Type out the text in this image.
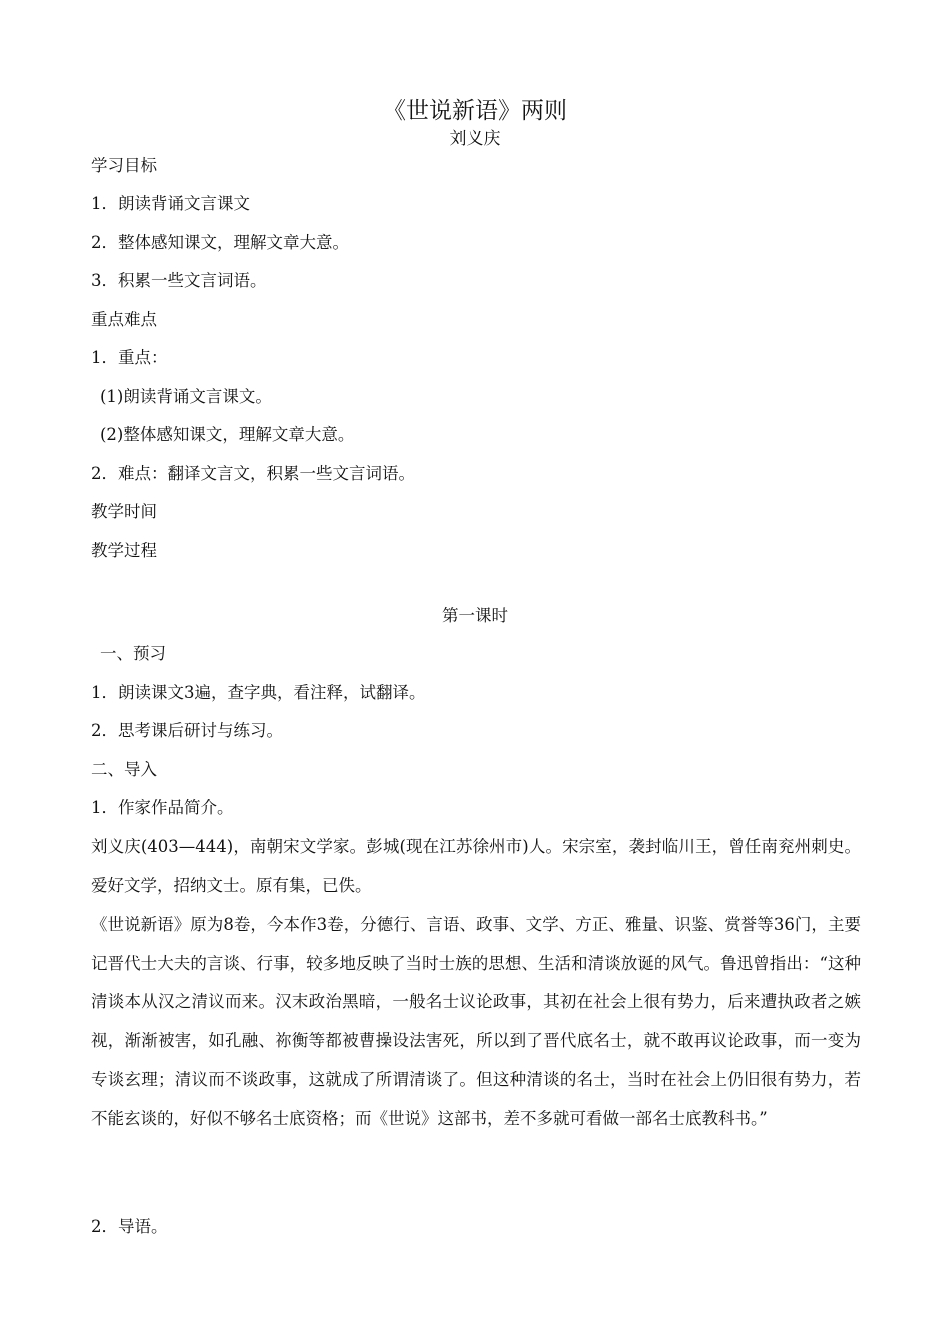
《世说新语》两则
刘义庆
学习目标
1．朗读背诵文言课文
2．整体感知课文，理解文章大意。
3．积累一些文言词语。
重点难点
1．重点：
(1)朗读背诵文言课文。
(2)整体感知课文，理解文章大意。
2．难点：翻译文言文，积累一些文言词语。
教学时间
教学过程
第一课时
一、预习
1．朗读课文3遍，查字典，看注释，试翻译。
2．思考课后研讨与练习。
二、导入
1．作家作品简介。
刘义庆(403—444)，南朝宋文学家。彭城(现在江苏徐州市)人。宋宗室，袭封临川王，曾任南兖州刺史。爱好文学，招纳文士。原有集，已佚。
《世说新语》原为8卷，今本作3卷，分德行、言语、政事、文学、方正、雅量、识鉴、赏誉等36门，主要记晋代士大夫的言谈、行事，较多地反映了当时士族的思想、生活和清谈放诞的风气。鲁迅曾指出：“这种清谈本从汉之清议而来。汉末政治黑暗，一般名士议论政事，其初在社会上很有势力，后来遭执政者之嫉视，渐渐被害，如孔融、祢衡等都被曹操设法害死，所以到了晋代底名士，就不敢再议论政事，而一变为专谈玄理；清议而不谈政事，这就成了所谓清谈了。但这种清谈的名士，当时在社会上仍旧很有势力，若不能玄谈的，好似不够名士底资格；而《世说》这部书，差不多就可看做一部名士底教科书。”
2．导语。
